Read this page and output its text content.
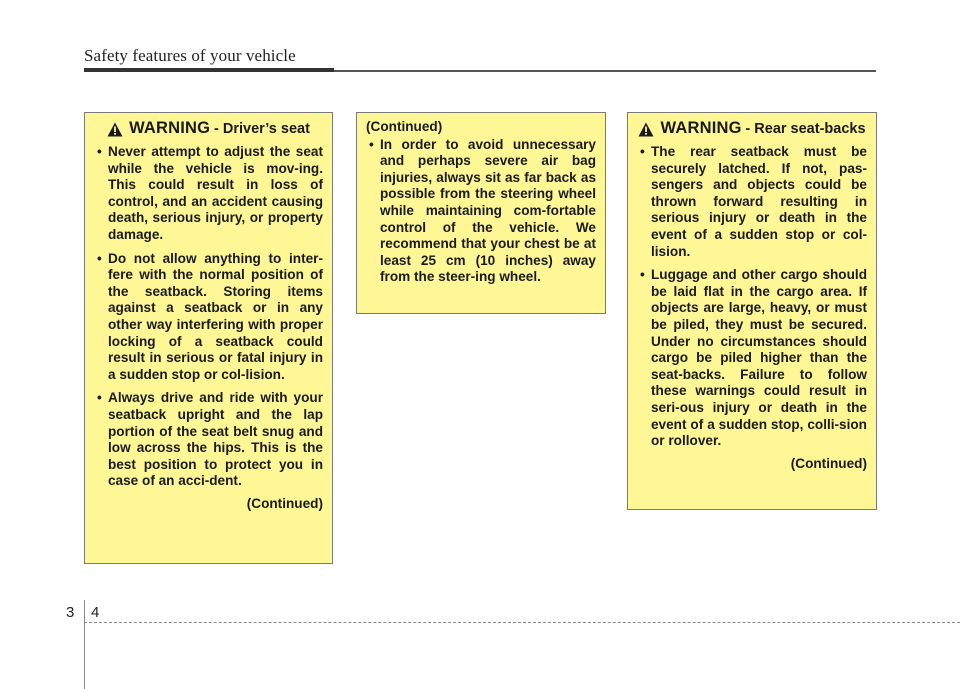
Safety features of your vehicle
WARNING - Driver’s seat
• Never attempt to adjust the seat while the vehicle is mov-ing. This could result in loss of control, and an accident causing death, serious injury, or property damage.
• Do not allow anything to inter-fere with the normal position of the seatback. Storing items against a seatback or in any other way interfering with proper locking of a seatback could result in serious or fatal injury in a sudden stop or col-lision.
• Always drive and ride with your seatback upright and the lap portion of the seat belt snug and low across the hips. This is the best position to protect you in case of an acci-dent.
(Continued)
(Continued)
• In order to avoid unnecessary and perhaps severe air bag injuries, always sit as far back as possible from the steering wheel while maintaining com-fortable control of the vehicle. We recommend that your chest be at least 25 cm (10 inches) away from the steer-ing wheel.
WARNING - Rear seat-backs
• The rear seatback must be securely latched. If not, pas-sengers and objects could be thrown forward resulting in serious injury or death in the event of a sudden stop or col-lision.
• Luggage and other cargo should be laid flat in the cargo area. If objects are large, heavy, or must be piled, they must be secured. Under no circumstances should cargo be piled higher than the seat-backs. Failure to follow these warnings could result in seri-ous injury or death in the event of a sudden stop, colli-sion or rollover.
(Continued)
3 4
